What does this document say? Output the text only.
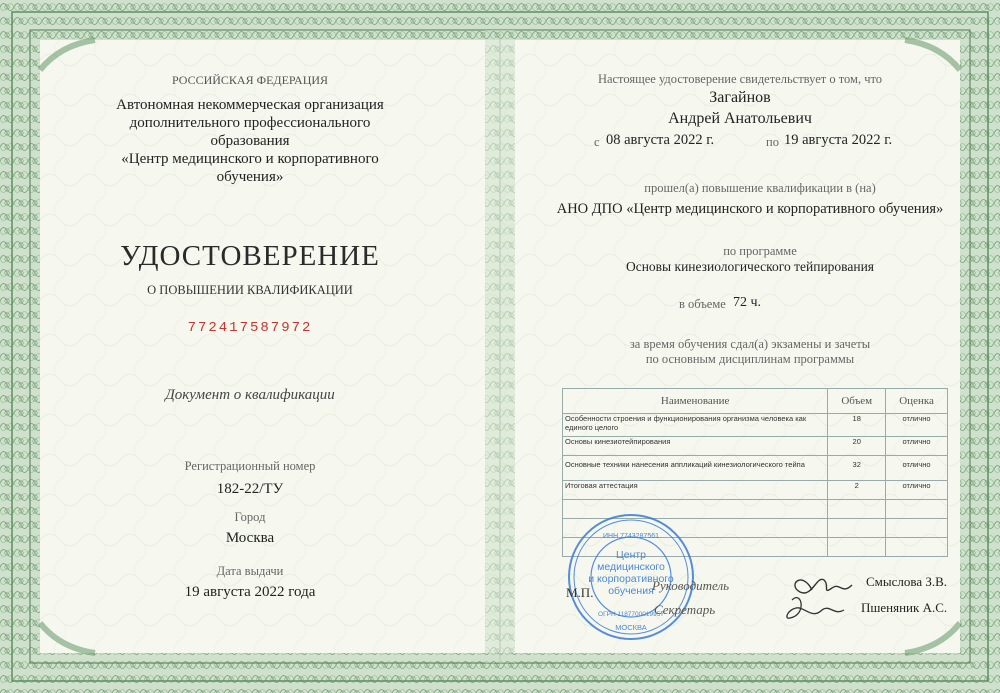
РОССИЙСКАЯ ФЕДЕРАЦИЯ
Автономная некоммерческая организация
дополнительного профессионального
образования
«Центр медицинского и корпоративного
обучения»
УДОСТОВЕРЕНИЕ
О ПОВЫШЕНИИ КВАЛИФИКАЦИИ
772417587972
Документ о квалификации
Регистрационный номер
182-22/ТУ
Город
Москва
Дата выдачи
19 августа 2022 года
Настоящее удостоверение свидетельствует о том, что
Загайнов
Андрей Анатольевич
с 08 августа 2022 г.	по 19 августа 2022 г.
прошел(а) повышение квалификации в (на)
АНО ДПО «Центр медицинского и корпоративного обучения»
по программе
Основы кинезиологического тейпирования
в объеме 72 ч.
за время обучения сдал(а) экзамены и зачеты
по основным дисциплинам программы
Наименование	Объем	Оценка
Особенности строения и функционирования организма человека как единого целого	18	отлично
Основы кинезиотейпирования	20	отлично
Основные техники нанесения аппликаций кинезиологического тейпа	32	отлично
Итоговая аттестация	2	отлично

Центр
медицинского
и корпоративного
обучения
ИНН 7743287561
ОГРН 1187700019957
МОСКВА
М.П.	Руководитель
Секретарь
Смыслова З.В.
Пшеняник А.С.
